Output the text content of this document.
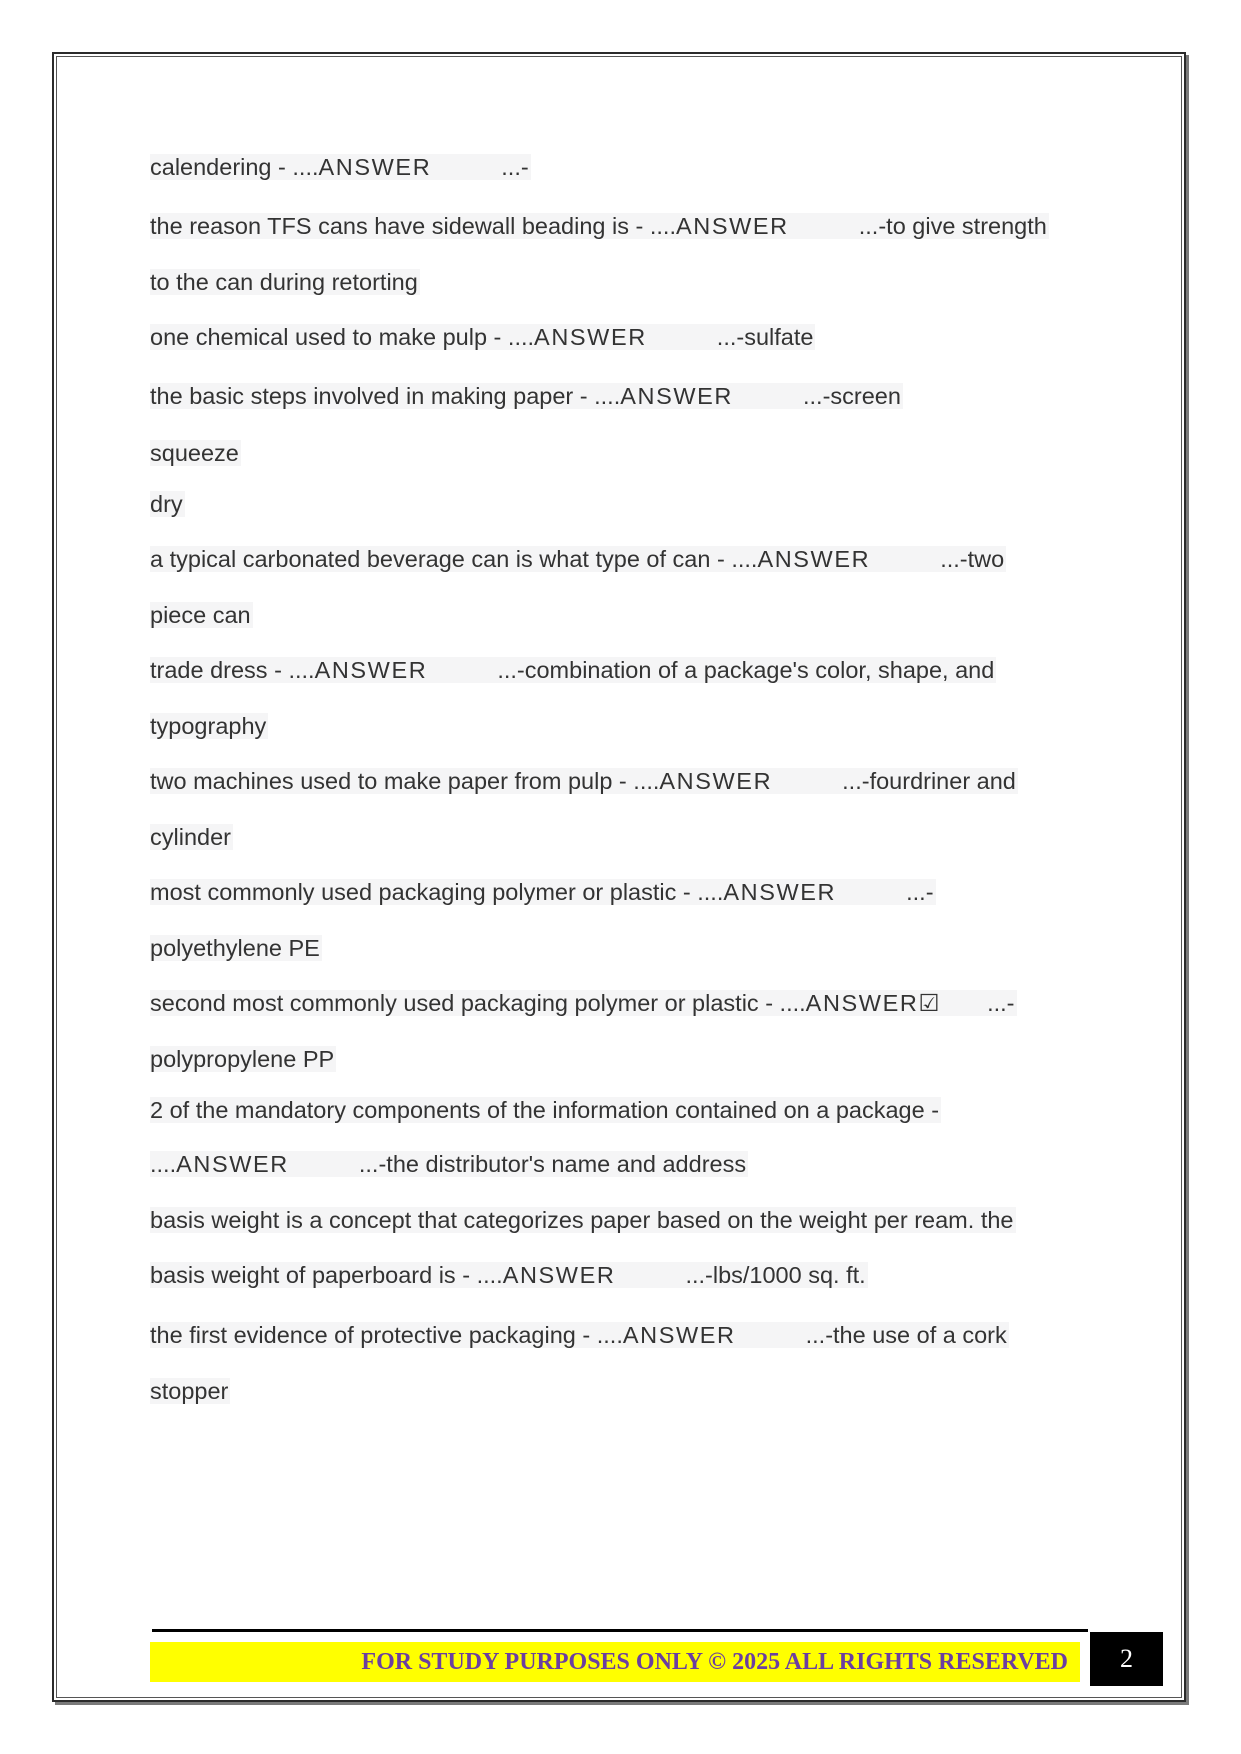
calendering - ....ANSWER	...-

the reason TFS cans have sidewall beading is - ....ANSWER	...-to give strength

to the can during retorting

one chemical used to make pulp - ....ANSWER	...-sulfate

the basic steps involved in making paper - ....ANSWER	...-screen

squeeze

dry

a typical carbonated beverage can is what type of can - ....ANSWER	...-two

piece can

trade dress - ....ANSWER	...-combination of a package's color, shape, and

typography

two machines used to make paper from pulp - ....ANSWER	...-fourdriner and

cylinder

most commonly used packaging polymer or plastic - ....ANSWER	...-

polyethylene PE

second most commonly used packaging polymer or plastic - ....ANSWER☑ ...-

polypropylene PP

2 of the mandatory components of the information contained on a package -

....ANSWER	...-the distributor's name and address

basis weight is a concept that categorizes paper based on the weight per ream. the

basis weight of paperboard is - ....ANSWER	...-lbs/1000 sq. ft.

the first evidence of protective packaging - ....ANSWER	...-the use of a cork

stopper

FOR STUDY PURPOSES ONLY © 2025 ALL RIGHTS RESERVED 2
